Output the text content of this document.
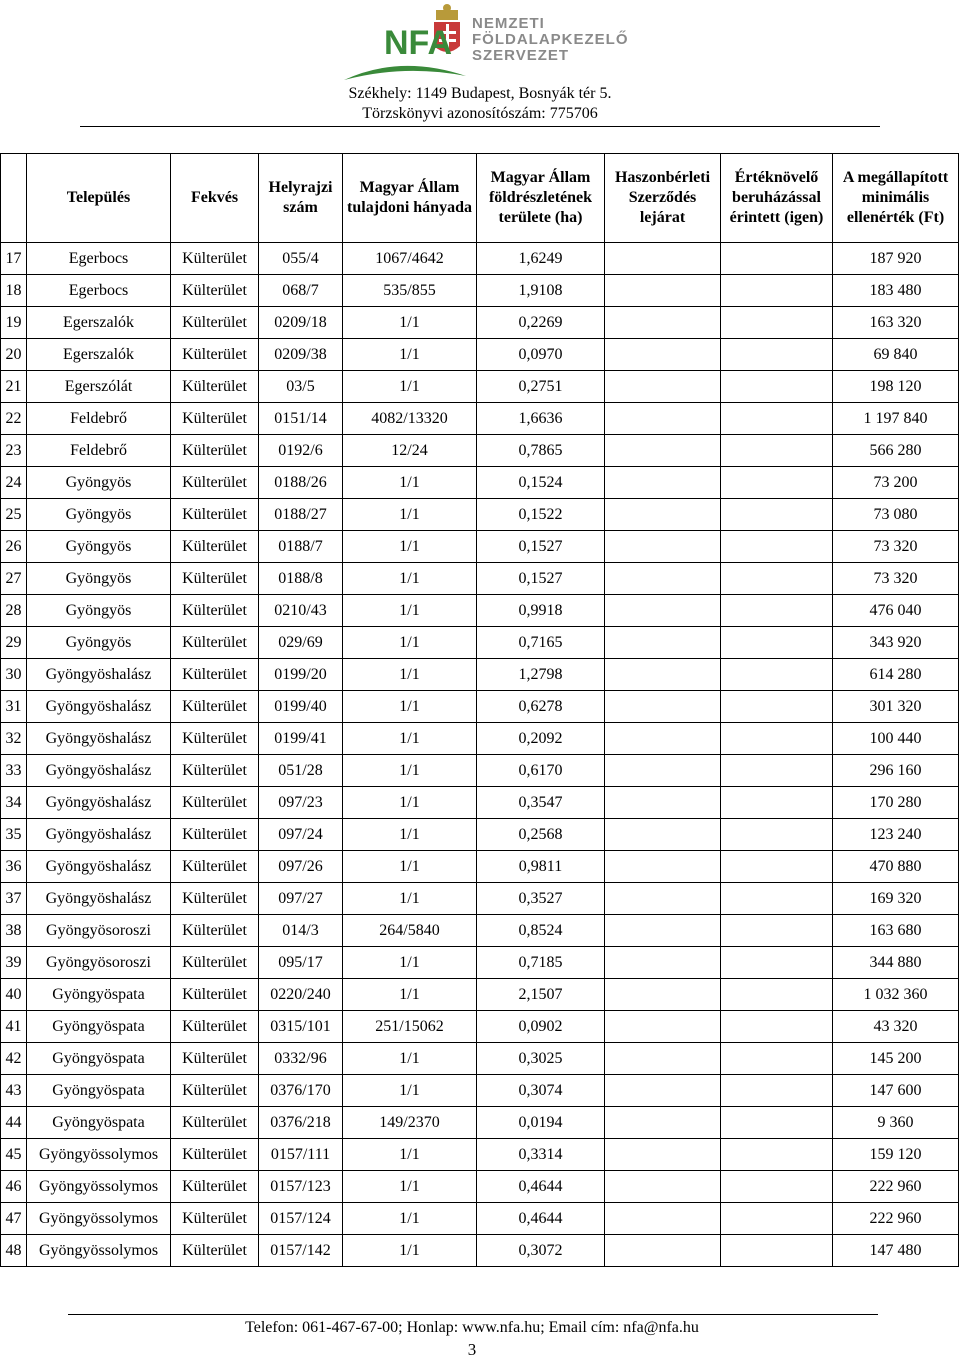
NFA
NEMZETI
FÖLDALAPKEZELŐ
SZERVEZET
Székhely: 1149 Budapest, Bosnyák tér 5.
Törzskönyvi azonosítószám: 775706
	Település	Fekvés	Helyrajzi szám	Magyar Állam tulajdoni hányada	Magyar Állam földrészletének területe (ha)	Haszonbérleti Szerződés lejárat	Értéknövelő beruházással érintett (igen)	A megállapított minimális ellenérték (Ft)
17	Egerbocs	Külterület	055/4	1067/4642	1,6249			187 920
18	Egerbocs	Külterület	068/7	535/855	1,9108			183 480
19	Egerszalók	Külterület	0209/18	1/1	0,2269			163 320
20	Egerszalók	Külterület	0209/38	1/1	0,0970			69 840
21	Egerszólát	Külterület	03/5	1/1	0,2751			198 120
22	Feldebrő	Külterület	0151/14	4082/13320	1,6636			1 197 840
23	Feldebrő	Külterület	0192/6	12/24	0,7865			566 280
24	Gyöngyös	Külterület	0188/26	1/1	0,1524			73 200
25	Gyöngyös	Külterület	0188/27	1/1	0,1522			73 080
26	Gyöngyös	Külterület	0188/7	1/1	0,1527			73 320
27	Gyöngyös	Külterület	0188/8	1/1	0,1527			73 320
28	Gyöngyös	Külterület	0210/43	1/1	0,9918			476 040
29	Gyöngyös	Külterület	029/69	1/1	0,7165			343 920
30	Gyöngyöshalász	Külterület	0199/20	1/1	1,2798			614 280
31	Gyöngyöshalász	Külterület	0199/40	1/1	0,6278			301 320
32	Gyöngyöshalász	Külterület	0199/41	1/1	0,2092			100 440
33	Gyöngyöshalász	Külterület	051/28	1/1	0,6170			296 160
34	Gyöngyöshalász	Külterület	097/23	1/1	0,3547			170 280
35	Gyöngyöshalász	Külterület	097/24	1/1	0,2568			123 240
36	Gyöngyöshalász	Külterület	097/26	1/1	0,9811			470 880
37	Gyöngyöshalász	Külterület	097/27	1/1	0,3527			169 320
38	Gyöngyösoroszi	Külterület	014/3	264/5840	0,8524			163 680
39	Gyöngyösoroszi	Külterület	095/17	1/1	0,7185			344 880
40	Gyöngyöspata	Külterület	0220/240	1/1	2,1507			1 032 360
41	Gyöngyöspata	Külterület	0315/101	251/15062	0,0902			43 320
42	Gyöngyöspata	Külterület	0332/96	1/1	0,3025			145 200
43	Gyöngyöspata	Külterület	0376/170	1/1	0,3074			147 600
44	Gyöngyöspata	Külterület	0376/218	149/2370	0,0194			9 360
45	Gyöngyössolymos	Külterület	0157/111	1/1	0,3314			159 120
46	Gyöngyössolymos	Külterület	0157/123	1/1	0,4644			222 960
47	Gyöngyössolymos	Külterület	0157/124	1/1	0,4644			222 960
48	Gyöngyössolymos	Külterület	0157/142	1/1	0,3072			147 480
Telefon: 061-467-67-00; Honlap: www.nfa.hu; Email cím: nfa@nfa.hu
3
